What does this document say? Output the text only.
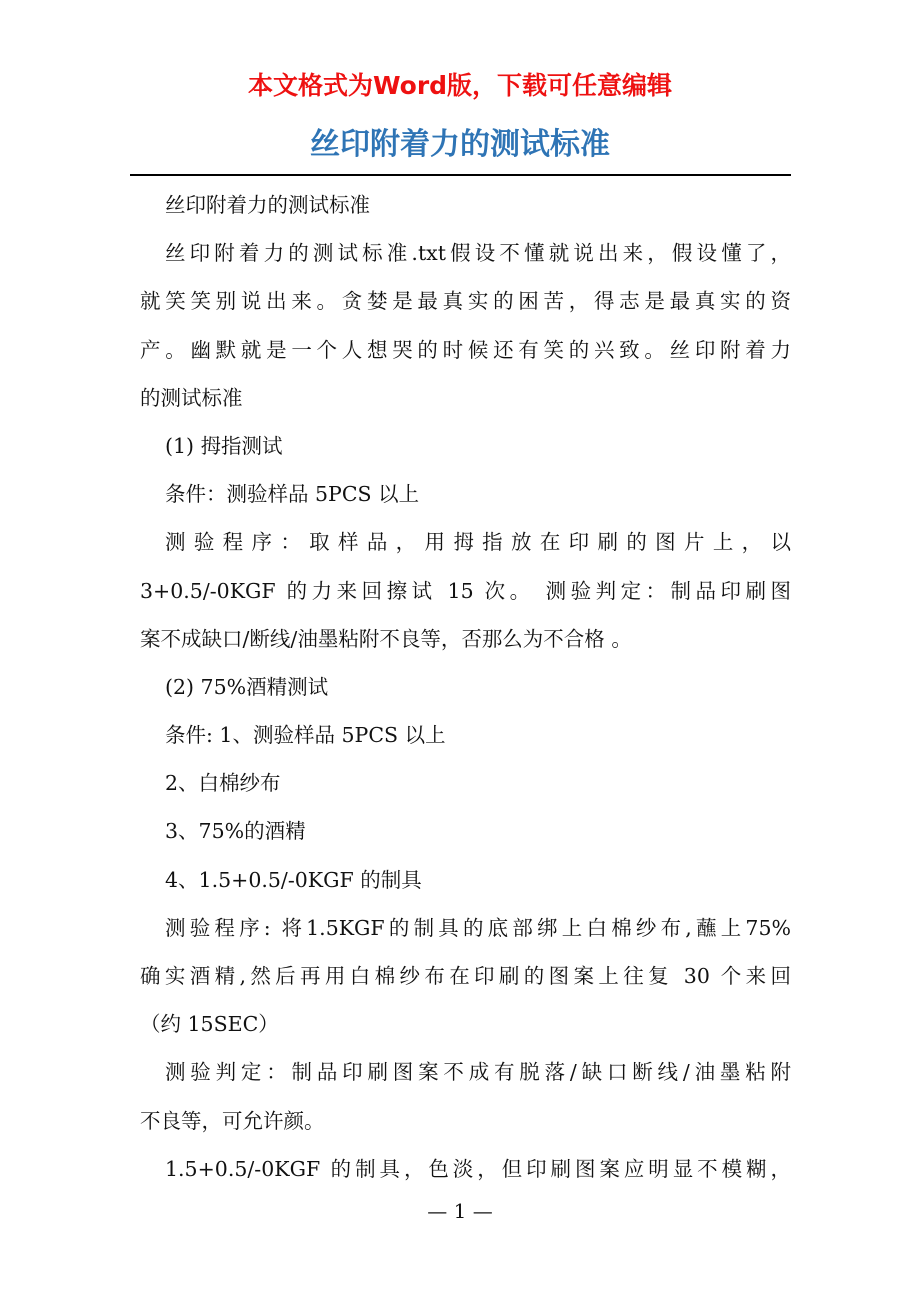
本文格式为Word版，下载可任意编辑
丝印附着力的测试标准
丝印附着力的测试标准
丝印附着力的测试标准.txt假设不懂就说出来，假设懂了，
就笑笑别说出来。贪婪是最真实的困苦，得志是最真实的资
产。幽默就是一个人想哭的时候还有笑的兴致。丝印附着力
的测试标准
(1) 拇指测试
条件：测验样品 5PCS 以上
测验程序：取样品，用拇指放在印刷的图片上，以
3+0.5/-0KGF 的力来回擦试 15 次。 测验判定：制品印刷图
案不成缺口/断线/油墨粘附不良等，否那么为不合格 。
(2) 75%酒精测试
条件: 1、测验样品 5PCS 以上
2、白棉纱布
3、75%的酒精
4、1.5+0.5/-0KGF 的制具
测验程序: 将1.5KGF的制具的底部绑上白棉纱布,蘸上75%
确实酒精,然后再用白棉纱布在印刷的图案上往复 30 个来回
（约 15SEC）
测验判定：制品印刷图案不成有脱落/缺口断线/油墨粘附
不良等，可允许颜。
1.5+0.5/-0KGF 的制具，色淡，但印刷图案应明显不模糊，
— 1 —
